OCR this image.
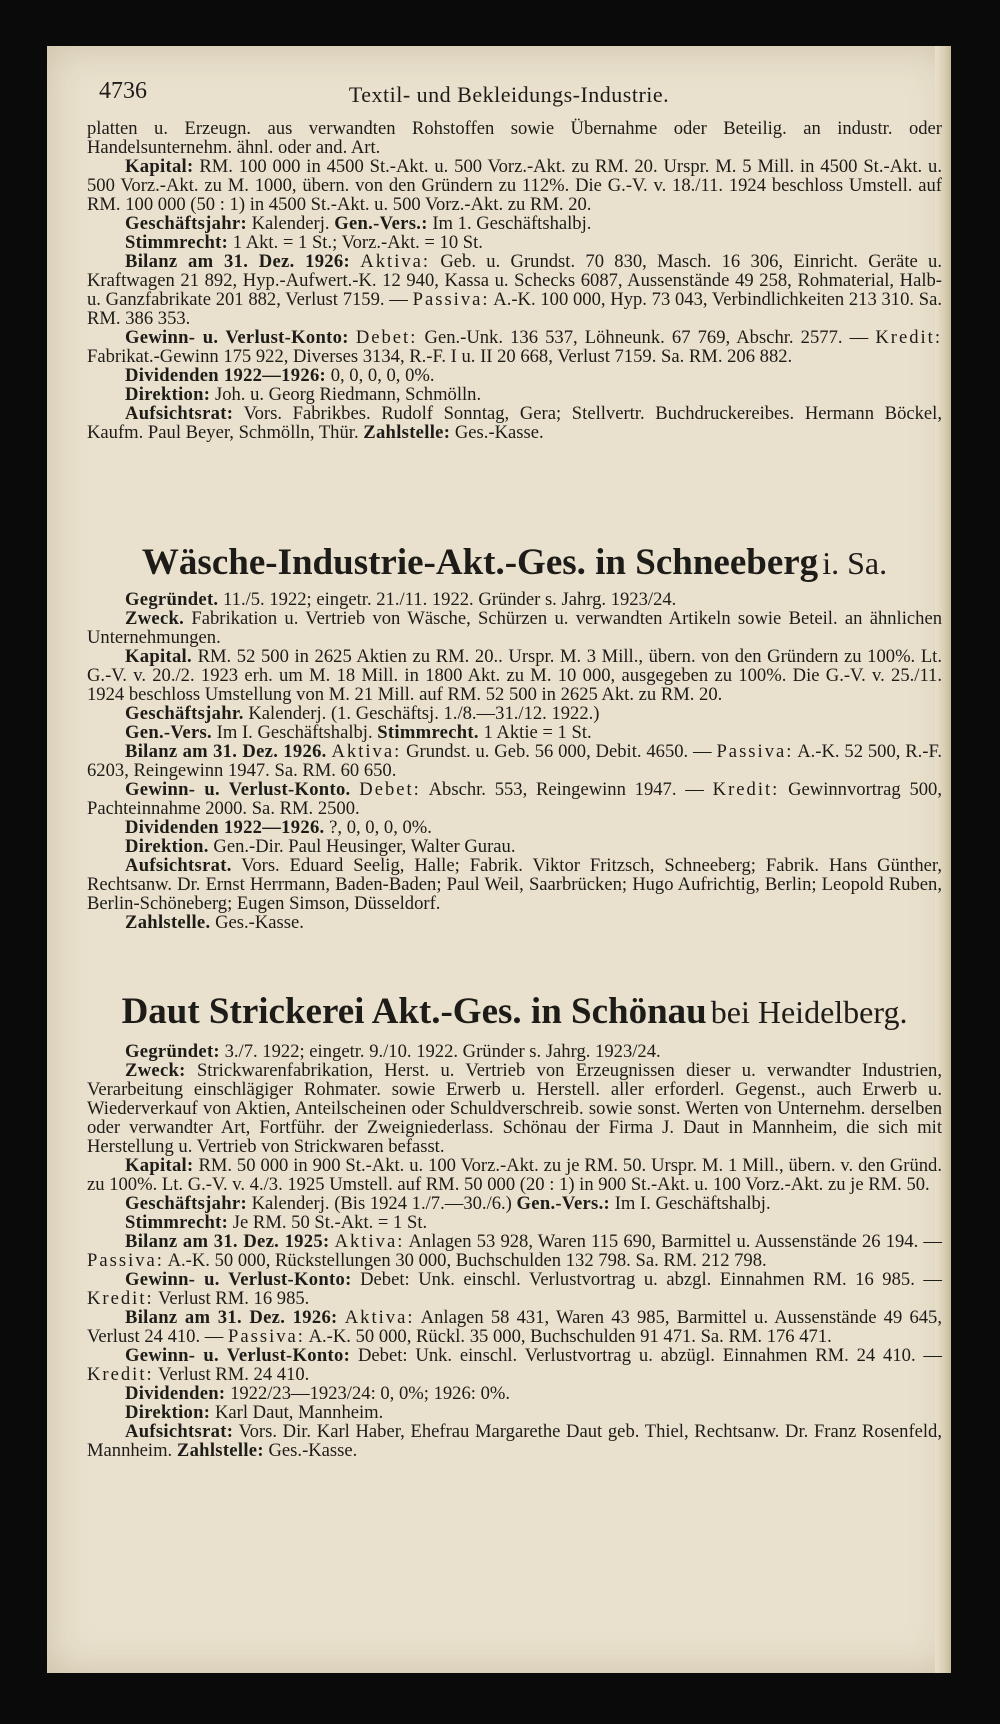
4736	Textil- und Bekleidungs-Industrie.

platten u. Erzeugn. aus verwandten Rohstoffen sowie Übernahme oder Beteilig. an industr. oder Handelsunternehm. ähnl. oder and. Art.

Kapital: RM. 100 000 in 4500 St.-Akt. u. 500 Vorz.-Akt. zu RM. 20. Urspr. M. 5 Mill. in 4500 St.-Akt. u. 500 Vorz.-Akt. zu M. 1000, übern. von den Gründern zu 112%. Die G.-V. v. 18./11. 1924 beschloss Umstell. auf RM. 100 000 (50 : 1) in 4500 St.-Akt. u. 500 Vorz.-Akt. zu RM. 20.

Geschäftsjahr: Kalenderj. Gen.-Vers.: Im 1. Geschäftshalbj.

Stimmrecht: 1 Akt. = 1 St.; Vorz.-Akt. = 10 St.

Bilanz am 31. Dez. 1926: Aktiva: Geb. u. Grundst. 70 830, Masch. 16 306, Einricht. Geräte u. Kraftwagen 21 892, Hyp.-Aufwert.-K. 12 940, Kassa u. Schecks 6087, Aussenstände 49 258, Rohmaterial, Halb- u. Ganzfabrikate 201 882, Verlust 7159. — Passiva: A.-K. 100 000, Hyp. 73 043, Verbindlichkeiten 213 310. Sa. RM. 386 353.

Gewinn- u. Verlust-Konto: Debet: Gen.-Unk. 136 537, Löhneunk. 67 769, Abschr. 2577. — Kredit: Fabrikat.-Gewinn 175 922, Diverses 3134, R.-F. I u. II 20 668, Verlust 7159. Sa. RM. 206 882.

Dividenden 1922—1926: 0, 0, 0, 0, 0%.

Direktion: Joh. u. Georg Riedmann, Schmölln.

Aufsichtsrat: Vors. Fabrikbes. Rudolf Sonntag, Gera; Stellvertr. Buchdruckereibes. Hermann Böckel, Kaufm. Paul Beyer, Schmölln, Thür. Zahlstelle: Ges.-Kasse.

Wäsche-Industrie-Akt.-Ges. in Schneeberg i. Sa.

Gegründet. 11./5. 1922; eingetr. 21./11. 1922. Gründer s. Jahrg. 1923/24.

Zweck. Fabrikation u. Vertrieb von Wäsche, Schürzen u. verwandten Artikeln sowie Beteil. an ähnlichen Unternehmungen.

Kapital. RM. 52 500 in 2625 Aktien zu RM. 20.. Urspr. M. 3 Mill., übern. von den Gründern zu 100%. Lt. G.-V. v. 20./2. 1923 erh. um M. 18 Mill. in 1800 Akt. zu M. 10 000, ausgegeben zu 100%. Die G.-V. v. 25./11. 1924 beschloss Umstellung von M. 21 Mill. auf RM. 52 500 in 2625 Akt. zu RM. 20.

Geschäftsjahr. Kalenderj. (1. Geschäftsj. 1./8.—31./12. 1922.)

Gen.-Vers. Im I. Geschäftshalbj. Stimmrecht. 1 Aktie = 1 St.

Bilanz am 31. Dez. 1926. Aktiva: Grundst. u. Geb. 56 000, Debit. 4650. — Passiva: A.-K. 52 500, R.-F. 6203, Reingewinn 1947. Sa. RM. 60 650.

Gewinn- u. Verlust-Konto. Debet: Abschr. 553, Reingewinn 1947. — Kredit: Gewinnvortrag 500, Pachteinnahme 2000. Sa. RM. 2500.

Dividenden 1922—1926. ?, 0, 0, 0, 0%.

Direktion. Gen.-Dir. Paul Heusinger, Walter Gurau.

Aufsichtsrat. Vors. Eduard Seelig, Halle; Fabrik. Viktor Fritzsch, Schneeberg; Fabrik. Hans Günther, Rechtsanw. Dr. Ernst Herrmann, Baden-Baden; Paul Weil, Saarbrücken; Hugo Aufrichtig, Berlin; Leopold Ruben, Berlin-Schöneberg; Eugen Simson, Düsseldorf.

Zahlstelle. Ges.-Kasse.

Daut Strickerei Akt.-Ges. in Schönau bei Heidelberg.

Gegründet: 3./7. 1922; eingetr. 9./10. 1922. Gründer s. Jahrg. 1923/24.

Zweck: Strickwarenfabrikation, Herst. u. Vertrieb von Erzeugnissen dieser u. verwandter Industrien, Verarbeitung einschlägiger Rohmater. sowie Erwerb u. Herstell. aller erforderl. Gegenst., auch Erwerb u. Wiederverkauf von Aktien, Anteilscheinen oder Schuldverschreib. sowie sonst. Werten von Unternehm. derselben oder verwandter Art, Fortführ. der Zweigniederlass. Schönau der Firma J. Daut in Mannheim, die sich mit Herstellung u. Vertrieb von Strickwaren befasst.

Kapital: RM. 50 000 in 900 St.-Akt. u. 100 Vorz.-Akt. zu je RM. 50. Urspr. M. 1 Mill., übern. v. den Gründ. zu 100%. Lt. G.-V. v. 4./3. 1925 Umstell. auf RM. 50 000 (20 : 1) in 900 St.-Akt. u. 100 Vorz.-Akt. zu je RM. 50.

Geschäftsjahr: Kalenderj. (Bis 1924 1./7.—30./6.) Gen.-Vers.: Im I. Geschäftshalbj.

Stimmrecht: Je RM. 50 St.-Akt. = 1 St.

Bilanz am 31. Dez. 1925: Aktiva: Anlagen 53 928, Waren 115 690, Barmittel u. Aussenstände 26 194. — Passiva: A.-K. 50 000, Rückstellungen 30 000, Buchschulden 132 798. Sa. RM. 212 798.

Gewinn- u. Verlust-Konto: Debet: Unk. einschl. Verlustvortrag u. abzgl. Einnahmen RM. 16 985. — Kredit: Verlust RM. 16 985.

Bilanz am 31. Dez. 1926: Aktiva: Anlagen 58 431, Waren 43 985, Barmittel u. Aussenstände 49 645, Verlust 24 410. — Passiva: A.-K. 50 000, Rückl. 35 000, Buchschulden 91 471. Sa. RM. 176 471.

Gewinn- u. Verlust-Konto: Debet: Unk. einschl. Verlustvortrag u. abzügl. Einnahmen RM. 24 410. — Kredit: Verlust RM. 24 410.

Dividenden: 1922/23—1923/24: 0, 0%; 1926: 0%.

Direktion: Karl Daut, Mannheim.

Aufsichtsrat: Vors. Dir. Karl Haber, Ehefrau Margarethe Daut geb. Thiel, Rechtsanw. Dr. Franz Rosenfeld, Mannheim. Zahlstelle: Ges.-Kasse.
